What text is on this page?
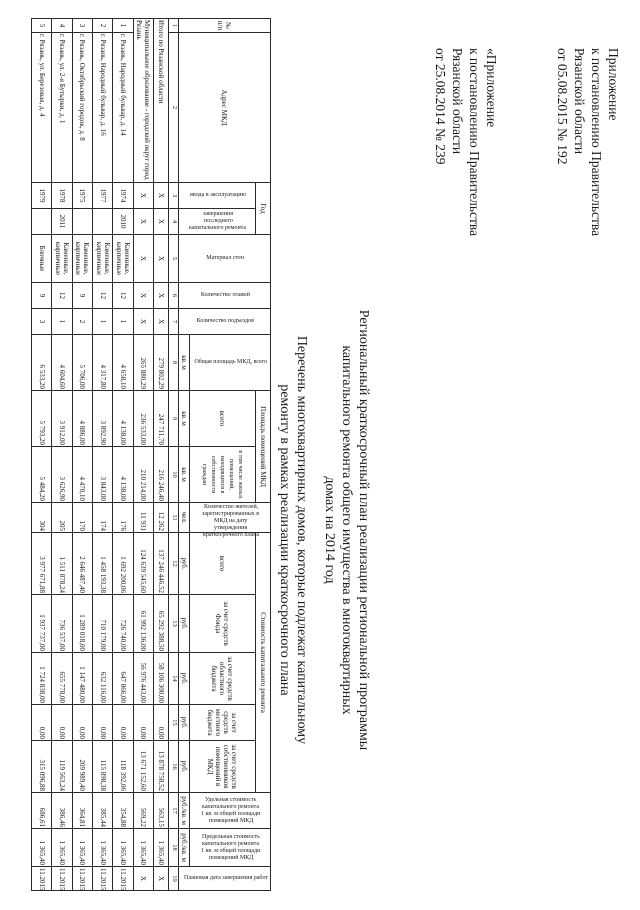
Приложение
к постановлению Правительства
Рязанской области
от 05.08.2015 № 192
«Приложение
к постановлению Правительства
Рязанской области
от 25.08.2014 № 239
Региональный краткосрочный план реализации региональной программы
капитального ремонта общего имущества в многоквартирных
домах на 2014 год
Перечень многоквартирных домов, которые подлежат капитальному
ремонту в рамках реализации краткосрочного плана
№ п/п	Адрес МКД	Год		Материал стен	Количество этажей	Количество подъездов	Общая площадь МКД, всего	Площадь помещений МКД		Количество жителей, зарегистрированных в МКД на дату утверждения краткосрочного плана	Стоимость капитального ремонта					Удельная стоимость капитального ремонта 1 кв. м общей площади помещений МКД	Предельная стоимость капитального ремонта 1 кв. м общей площади помещений МКД	Плановая дата завершения работ
		ввода в эксплуатацию	завершения последнего капитального ремонта					всего	в том числе жилых помещений, находящихся в собственности граждан		всего	за счет средств Фонда	за счет средств областного бюджета	за счет средств местного бюджета	за счет средств собственников помещений в МКД			
							кв. м	кв. м	кв. м	чел.	руб.	руб.	руб.	руб.	руб.	руб./кв. м	руб./кв. м	
1	2	3	4	5	6	7	8	9	10	11	12	13	14	15	16	17	18	19
Итого по Рязанской области		X	X	X	X	X	279 802,29	247 711,70	216 246,40	12 262	137 246 446,52	65 292 388,50	58 106 300,00	0,00	13 878 758,52	563,15	1 365,40	X
Муниципальное образование - городской округ город Рязань		X	X	X	X	X	265 880,29	236 533,00	210 214,00	11 931	124 639 545,60	61 992 136,00	56 976 443,00	0,00	13 671 152,60	569,22	1 365,40	X
1	г. Рязань, Народный бульвар, д. 14	1974	2010	Каменные, кирпичные	12	1	4 658,10	4 138,00	4 138,00	176	1 692 200,06	726 740,00	647 866,00	0,00	118 392,06	354,88	1 365,40	11.2015
2	г. Рязань, Народный бульвар, д. 16	1977		Каменные, кирпичные	12	1	4 317,80	3 892,90	3 843,00	174	1 458 193,38	710 179,00	632 116,00	0,00	115 898,38	385,44	1 365,40	11.2015
3	г. Рязань, Октябрьский городок, д. 8	1975		Каменные, кирпичные	9	2	5 706,00	4 886,00	4 470,10	170	2 646 487,40	1 289 018,00	1 147 480,00	0,00	209 989,40	364,81	1 365,40	11.2015
4	г. Рязань, ул. 2-я Бутырки, д. 1	1978	2011	Каменные, кирпичные	12	1	4 604,60	3 912,00	3 626,90	205	1 511 878,24	736 537,00	655 778,00	0,00	119 563,24	386,46	1 365,40	11.2015
5	г. Рязань, ул. Березовая, д. 4	1979		Блочные	9	3	6 533,20	5 793,20	5 484,20	304	3 977 671,88	1 937 737,00	1 724 838,00	0,00	315 096,88	686,61	1 365,40	11.2015
